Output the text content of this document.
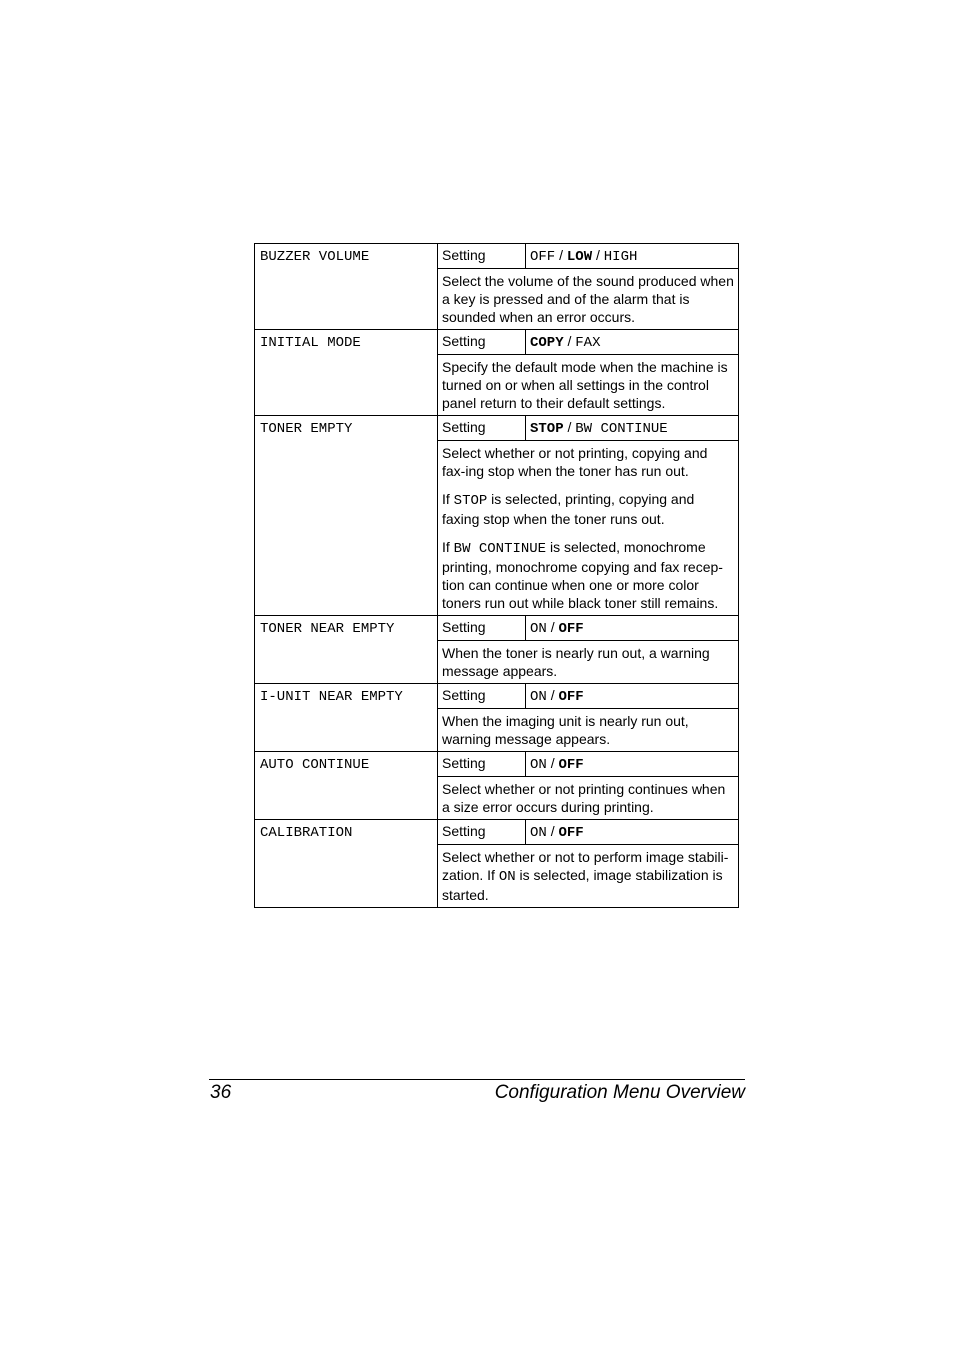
BUZZER VOLUME	Setting	OFF / LOW / HIGH

	Select the volume of the sound produced when a key is pressed and of the alarm that is sounded when an error occurs.	

INITIAL MODE	Setting	COPY / FAX

	Specify the default mode when the machine is turned on or when all settings in the control panel return to their default settings.	

TONER EMPTY	Setting	STOP / BW CONTINUE

	Select whether or not printing, copying and fax-ing stop when the toner has run out.

If STOP is selected, printing, copying and faxing stop when the toner runs out.

If BW CONTINUE is selected, monochrome printing, monochrome copying and fax recep-tion can continue when one or more color toners run out while black toner still remains.	

TONER NEAR EMPTY	Setting	ON / OFF

	When the toner is nearly run out, a warning message appears.	

I-UNIT NEAR EMPTY	Setting	ON / OFF

	When the imaging unit is nearly run out, warning message appears.	

AUTO CONTINUE	Setting	ON / OFF

	Select whether or not printing continues when a size error occurs during printing.	

CALIBRATION	Setting	ON / OFF

	Select whether or not to perform image stabili-zation. If ON is selected, image stabilization is started.	

36	Configuration Menu Overview
